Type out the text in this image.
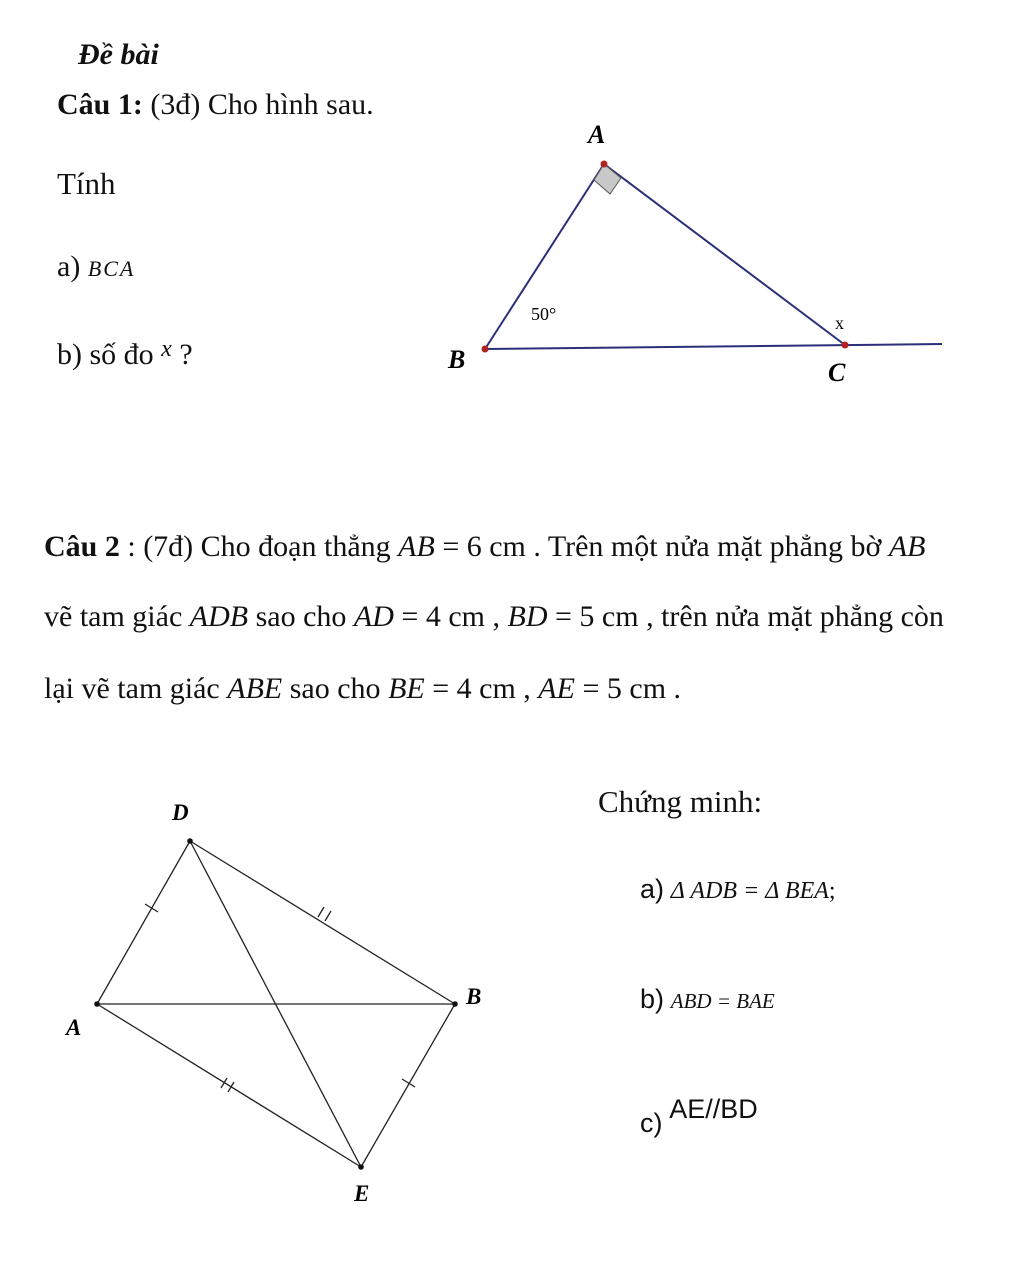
Đề bài
Câu 1: (3đ) Cho hình sau.
Tính
a) BCA
b) số đo $^x$ ?
A
B	C
50°	x
Câu 2 : (7đ) Cho đoạn thẳng AB = 6 cm . Trên một nửa mặt phẳng bờ AB
vẽ tam giác ADB sao cho AD = 4 cm , BD = 5 cm , trên nửa mặt phẳng còn
lại vẽ tam giác ABE sao cho BE = 4 cm , AE = 5 cm .
D
A
B
E
Chứng minh:
a) Δ ADB = Δ BEA;
b) ABD = BAE
c) AE//BD
